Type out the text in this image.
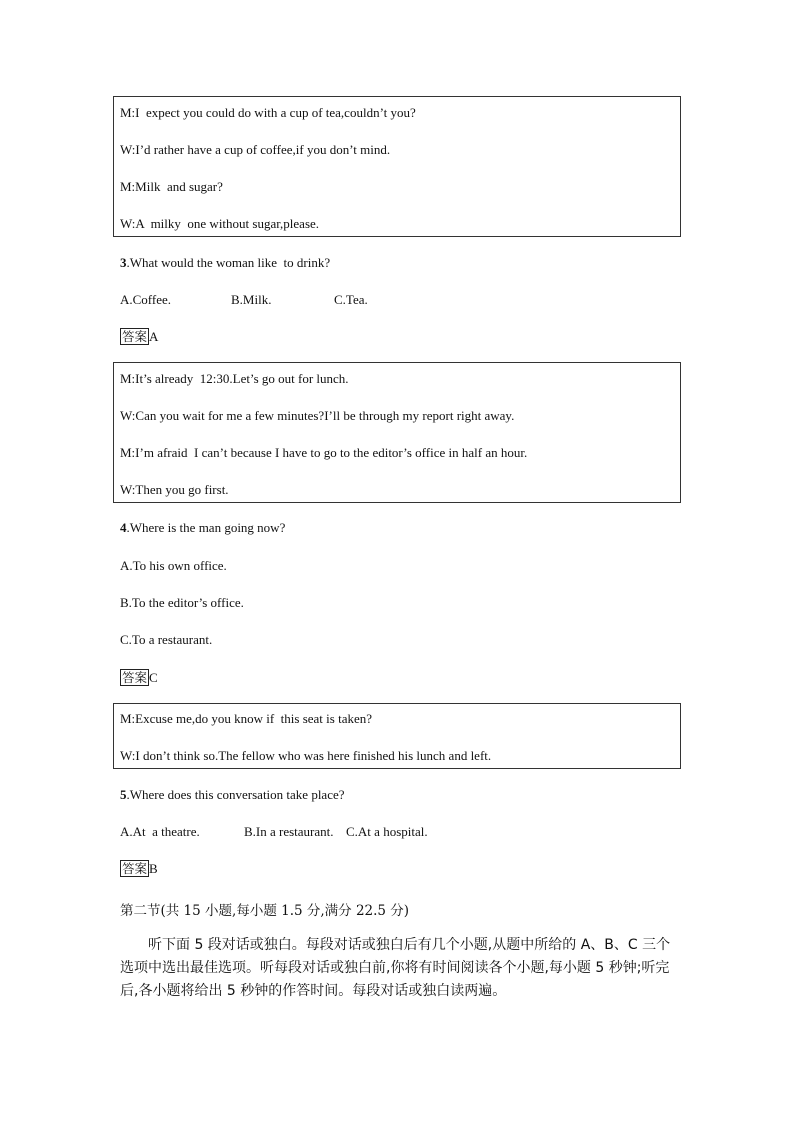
M:I  expect you could do with a cup of tea,couldn’t you?
W:I’d rather have a cup of coffee,if you don’t mind.
M:Milk  and sugar?
W:A  milky  one without sugar,please.
3.What would the woman like  to drink?
A.Coffee.	B.Milk.	C.Tea.
答案 A
M:It’s already  12:30.Let’s go out for lunch.
W:Can you wait for me a few minutes?I’ll be through my report right away.
M:I’m afraid  I can’t because I have to go to the editor’s office in half an hour.
W:Then you go first.
4.Where is the man going now?
A.To his own office.
B.To the editor’s office.
C.To a restaurant.
答案 C
M:Excuse me,do you know if  this seat is taken?
W:I don’t think so.The fellow who was here finished his lunch and left.
5.Where does this conversation take place?
A.At  a theatre.	B.In a restaurant. C.At a hospital.
答案 B
第二节(共 15 小题,每小题 1.5 分,满分 22.5 分)
听下面 5 段对话或独白。每段对话或独白后有几个小题,从题中所给的 A、B、C 三个
选项中选出最佳选项。听每段对话或独白前,你将有时间阅读各个小题,每小题 5 秒钟;听完
后,各小题将给出 5 秒钟的作答时间。每段对话或独白读两遍。
